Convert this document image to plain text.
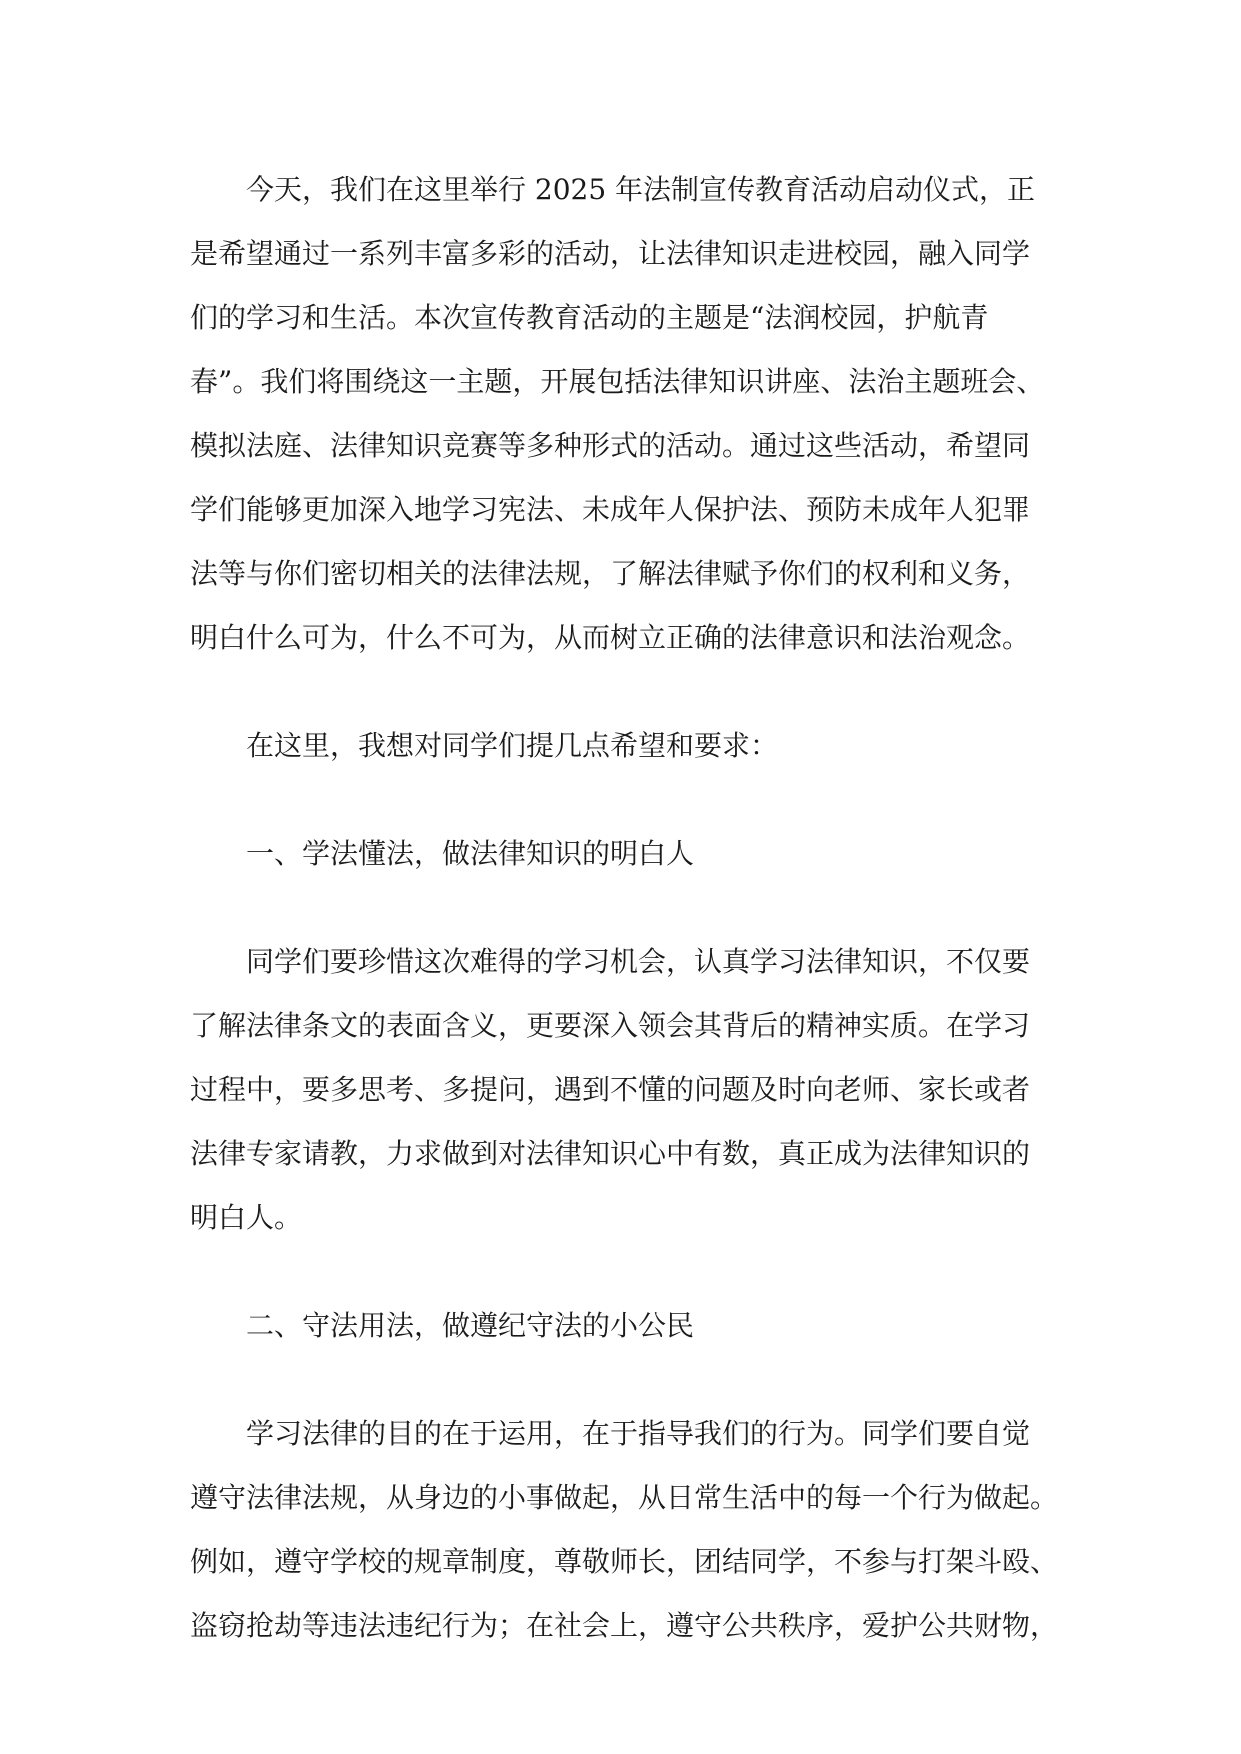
今天，我们在这里举行 2025 年法制宣传教育活动启动仪式，正
是希望通过一系列丰富多彩的活动，让法律知识走进校园，融入同学
们的学习和生活。本次宣传教育活动的主题是“法润校园，护航青
春”。我们将围绕这一主题，开展包括法律知识讲座、法治主题班会、
模拟法庭、法律知识竞赛等多种形式的活动。通过这些活动，希望同
学们能够更加深入地学习宪法、未成年人保护法、预防未成年人犯罪
法等与你们密切相关的法律法规，了解法律赋予你们的权利和义务，
明白什么可为，什么不可为，从而树立正确的法律意识和法治观念。
在这里，我想对同学们提几点希望和要求：
一、学法懂法，做法律知识的明白人
同学们要珍惜这次难得的学习机会，认真学习法律知识，不仅要
了解法律条文的表面含义，更要深入领会其背后的精神实质。在学习
过程中，要多思考、多提问，遇到不懂的问题及时向老师、家长或者
法律专家请教，力求做到对法律知识心中有数，真正成为法律知识的
明白人。
二、守法用法，做遵纪守法的小公民
学习法律的目的在于运用，在于指导我们的行为。同学们要自觉
遵守法律法规，从身边的小事做起，从日常生活中的每一个行为做起。
例如，遵守学校的规章制度，尊敬师长，团结同学，不参与打架斗殴、
盗窃抢劫等违法违纪行为；在社会上，遵守公共秩序，爱护公共财物，
